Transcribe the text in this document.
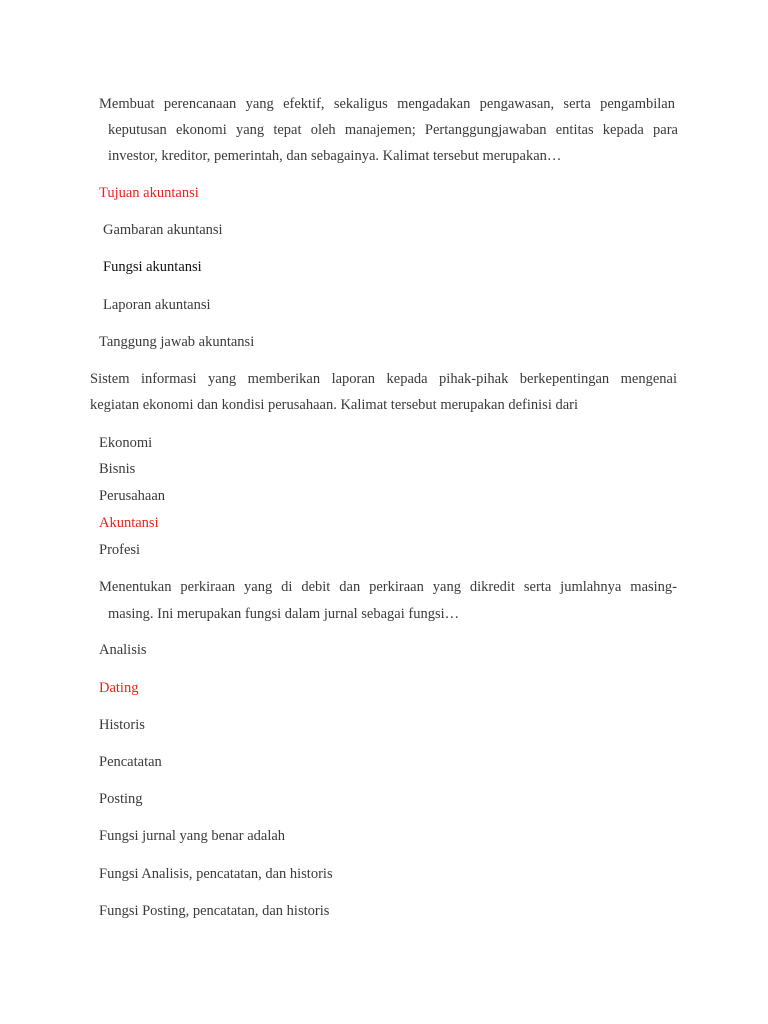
Membuat perencanaan yang efektif, sekaligus mengadakan pengawasan, serta pengambilan
keputusan ekonomi yang tepat oleh manajemen; Pertanggungjawaban entitas kepada para
investor, kreditor, pemerintah, dan sebagainya. Kalimat tersebut merupakan…
Tujuan akuntansi
Gambaran akuntansi
Fungsi akuntansi
Laporan akuntansi
Tanggung jawab akuntansi
Sistem informasi yang memberikan laporan kepada pihak-pihak berkepentingan mengenai
kegiatan ekonomi dan kondisi perusahaan. Kalimat tersebut merupakan definisi dari
Ekonomi
Bisnis
Perusahaan
Akuntansi
Profesi
Menentukan perkiraan yang di debit dan perkiraan yang dikredit serta jumlahnya masing-
masing. Ini merupakan fungsi dalam jurnal sebagai fungsi…
Analisis
Dating
Historis
Pencatatan
Posting
Fungsi jurnal yang benar adalah
Fungsi Analisis, pencatatan, dan historis
Fungsi Posting, pencatatan, dan historis
